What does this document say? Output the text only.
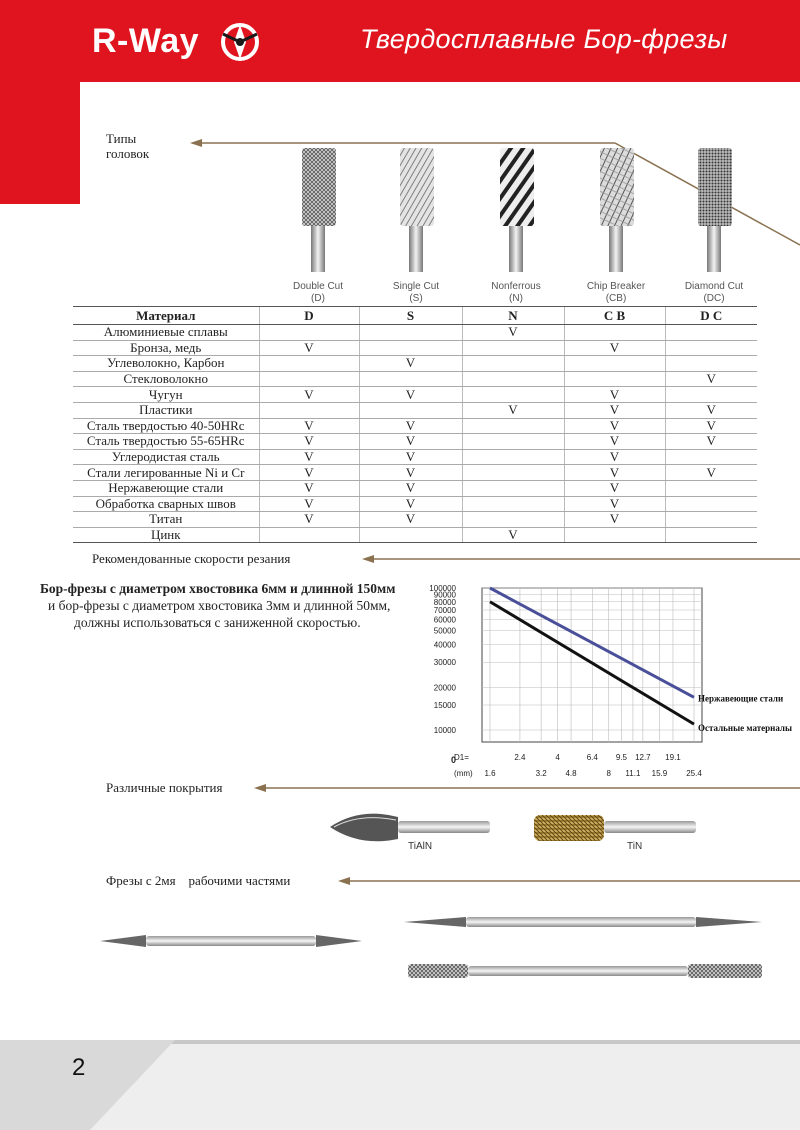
R-Way	Твердосплавные Бор-фрезы
Типы
головок
Double Cut
(D)
Single Cut
(S)
Nonferrous
(N)
Chip Breaker
(CB)
Diamond Cut
(DC)
Материал	D	S	N	C B	D C
Алюминиевые сплавы			V		
Бронза, медь	V			V	
Углеволокно, Карбон		V			
Стекловолокно					V
Чугун	V	V		V	
Пластики			V	V	V
Сталь твердостью 40-50HRc	V	V		V	V
Сталь твердостью 55-65HRc	V	V		V	V
Углеродистая сталь	V	V		V	
Стали легированные Ni и Cr	V	V		V	V
Нержавеющие стали	V	V		V	
Обработка сварных швов	V	V		V	
Титан	V	V		V	
Цинк			V		
Рекомендованные скорости резания
Бор-фрезы с диаметром хвостовика 6мм и длинной 150мм
и бор-фрезы с диаметром хвостовика 3мм и длинной 50мм,
должны использоваться с заниженной скоростью.
100000
90000
80000
70000
60000
50000
40000
30000
20000
15000
10000
0	2.4	4	6.4 9.5 12.7 19.1
1.6	3.2 4.8	8 11.1 15.9 25.4
D1=
(mm)
Нержавеющие стали
Остальные матерналы
Различные покрытия
TiAlN	TiN
Фрезы с 2мя    рабочими частями
2
